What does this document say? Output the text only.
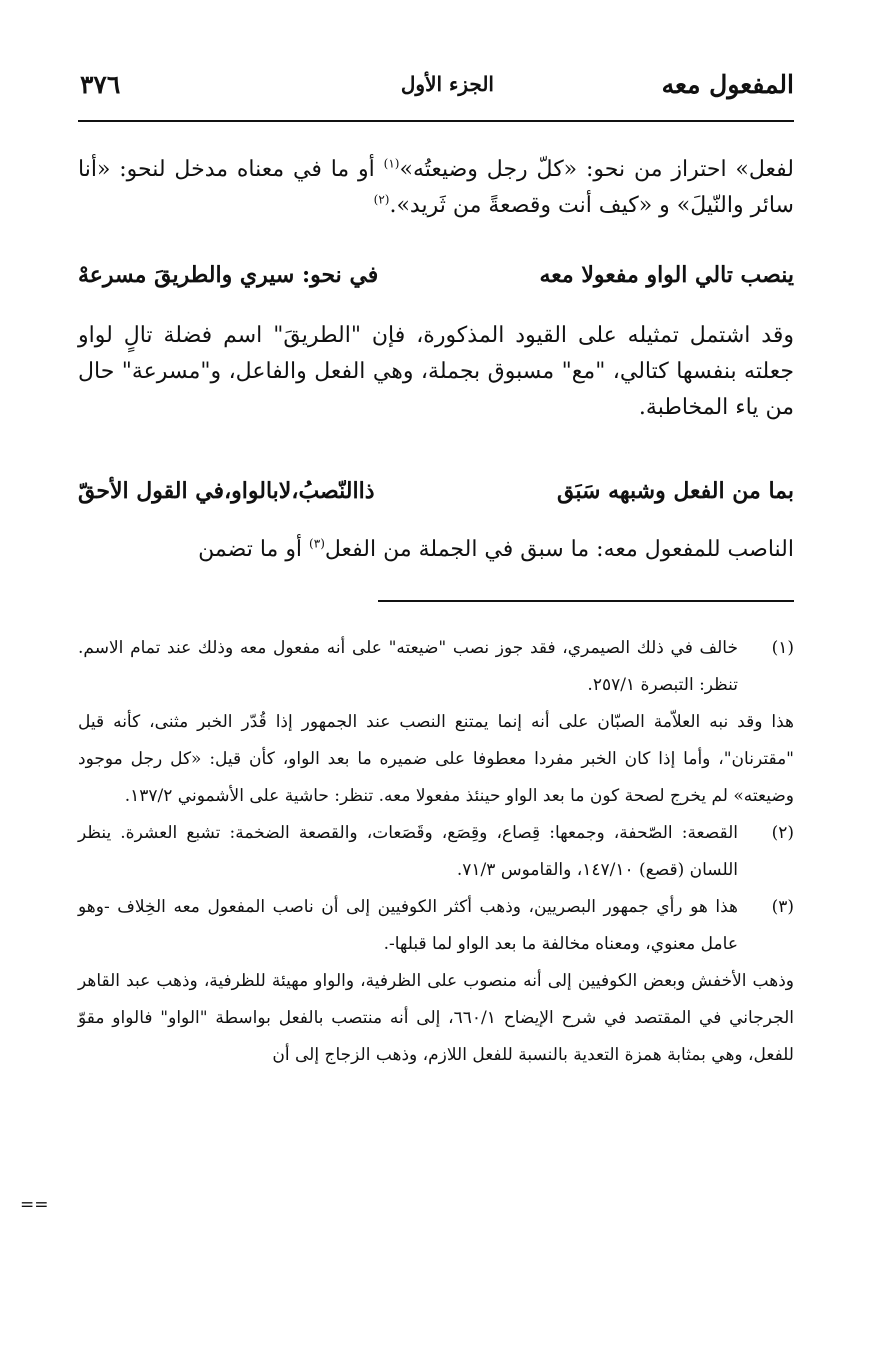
المفعول معه
الجزء الأول
٣٧٦
لفعل» احتراز من نحو: «كلّ رجل وضيعتُه»$^{(١)}$ أو ما في معناه مدخل لنحو: «أنا سائر والنّيلَ» و «كيف أنت وقصعةً من ثَريد».$^{(٢)}$
ينصب تالي الواو مفعولا معه
في نحو: سيري والطريقَ مسرعهْ
وقد اشتمل تمثيله على القيود المذكورة، فإن "الطريقَ" اسم فضلة تالٍ لواو جعلته بنفسها كتالي، "مع" مسبوق بجملة، وهي الفعل والفاعل، و"مسرعة" حال من ياء المخاطبة.
بما من الفعل وشبهه سَبَق
ذاالنّصبُ،لابالواو،في القول الأحقّ
الناصب للمفعول معه: ما سبق في الجملة من الفعل$^{(٣)}$ أو ما تضمن
(١)
خالف في ذلك الصيمري، فقد جوز نصب "ضيعته" على أنه مفعول معه وذلك عند تمام الاسم. تنظر: التبصرة ٢٥٧/١.
هذا وقد نبه العلاّمة الصبّان على أنه إنما يمتنع النصب عند الجمهور إذا قُدّر الخبر مثنى، كأنه قيل "مقترنان"، وأما إذا كان الخبر مفردا معطوفا على ضميره ما بعد الواو، كأن قيل: «كل رجل موجود وضيعته» لم يخرج لصحة كون ما بعد الواو حينئذ مفعولا معه. تنظر: حاشية على الأشموني ١٣٧/٢.
(٢)
القصعة: الصّحفة، وجمعها: قِصاع، وقِصَع، وقَصَعات، والقصعة الضخمة: تشبع العشرة. ينظر اللسان (قصع) ١٤٧/١٠، والقاموس ٧١/٣.
(٣)
هذا هو رأي جمهور البصريين، وذهب أكثر الكوفيين إلى أن ناصب المفعول معه الخِلاف -وهو عامل معنوي، ومعناه مخالفة ما بعد الواو لما قبلها-.
وذهب الأخفش وبعض الكوفيين إلى أنه منصوب على الظرفية، والواو مهيئة للظرفية، وذهب عبد القاهر الجرجاني في المقتصد في شرح الإيضاح ٦٦٠/١، إلى أنه منتصب بالفعل بواسطة "الواو" فالواو مقوّ للفعل، وهي بمثابة همزة التعدية بالنسبة للفعل اللازم، وذهب الزجاج إلى أن
==
